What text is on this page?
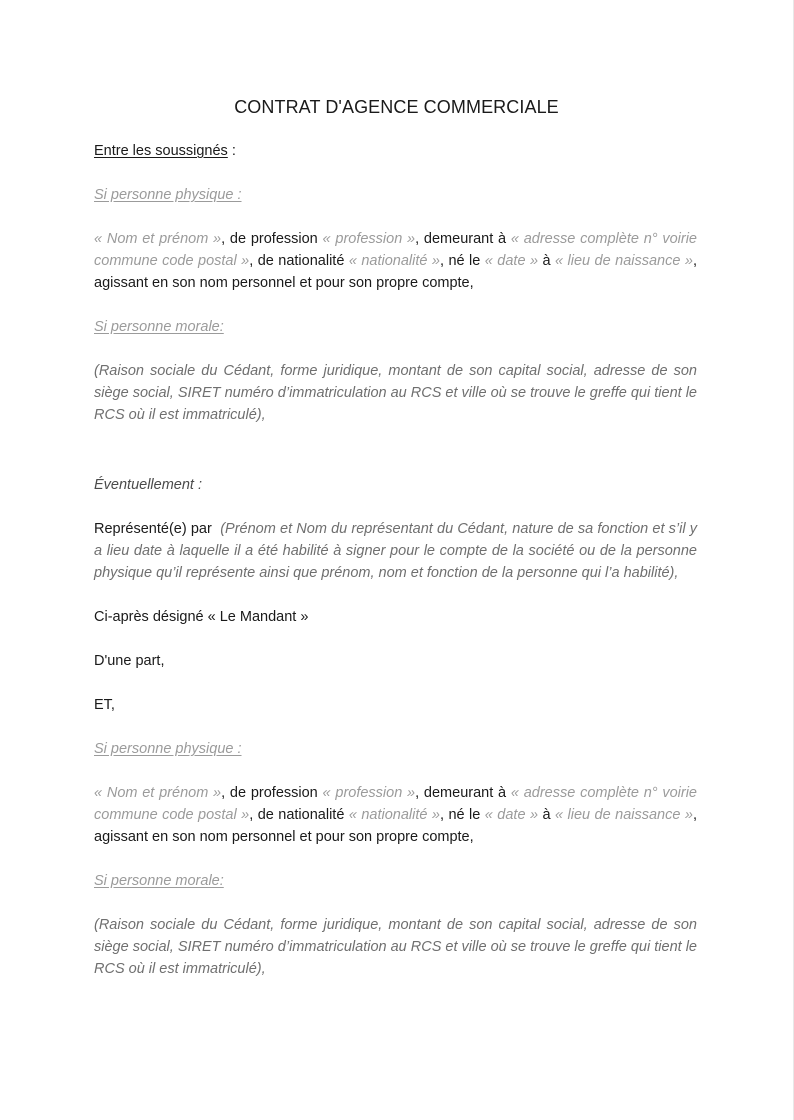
CONTRAT D'AGENCE COMMERCIALE

Entre les soussignés :

Si personne physique :

« Nom et prénom », de profession « profession », demeurant à « adresse complète n° voirie commune code postal », de nationalité « nationalité », né le « date » à « lieu de naissance », agissant en son nom personnel et pour son propre compte,

Si personne morale:

(Raison sociale du Cédant, forme juridique, montant de son capital social, adresse de son siège social, SIRET numéro d’immatriculation au RCS et ville où se trouve le greffe qui tient le RCS où il est immatriculé),

Éventuellement :

Représenté(e) par (Prénom et Nom du représentant du Cédant, nature de sa fonction et s’il y a lieu date à laquelle il a été habilité à signer pour le compte de la société ou de la personne physique qu’il représente ainsi que prénom, nom et fonction de la personne qui l’a habilité),

Ci-après désigné « Le Mandant »

D'une part,

ET,

Si personne physique :

« Nom et prénom », de profession « profession », demeurant à « adresse complète n° voirie commune code postal », de nationalité « nationalité », né le « date » à « lieu de naissance », agissant en son nom personnel et pour son propre compte,

Si personne morale:

(Raison sociale du Cédant, forme juridique, montant de son capital social, adresse de son siège social, SIRET numéro d’immatriculation au RCS et ville où se trouve le greffe qui tient le RCS où il est immatriculé),
